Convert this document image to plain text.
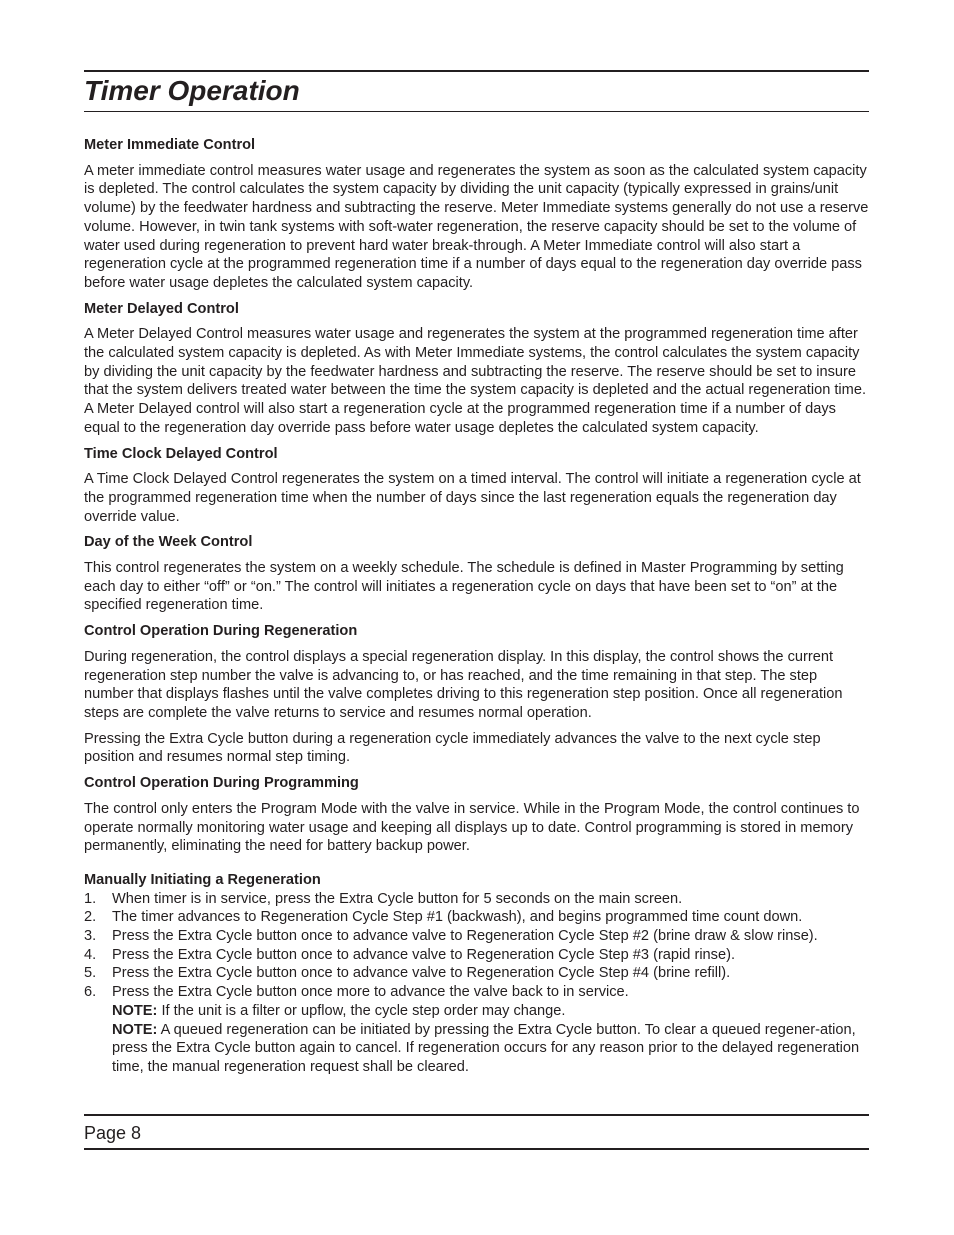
Timer Operation
Meter Immediate Control

A meter immediate control measures water usage and regenerates the system as soon as the calculated system capacity is depleted. The control calculates the system capacity by dividing the unit capacity (typically expressed in grains/unit volume) by the feedwater hardness and subtracting the reserve. Meter Immediate systems generally do not use a reserve volume. However, in twin tank systems with soft-water regeneration, the reserve capacity should be set to the volume of water used during regeneration to prevent hard water break-through. A Meter Immediate control will also start a regeneration cycle at the programmed regeneration time if a number of days equal to the regeneration day override pass before water usage depletes the calculated system capacity.

Meter Delayed Control

A Meter Delayed Control measures water usage and regenerates the system at the programmed regeneration time after the calculated system capacity is depleted. As with Meter Immediate systems, the control calculates the system capacity by dividing the unit capacity by the feedwater hardness and subtracting the reserve. The reserve should be set to insure that the system delivers treated water between the time the system capacity is depleted and the actual regeneration time. A Meter Delayed control will also start a regeneration cycle at the programmed regeneration time if a number of days equal to the regeneration day override pass before water usage depletes the calculated system capacity.

Time Clock Delayed Control

A Time Clock Delayed Control regenerates the system on a timed interval. The control will initiate a regeneration cycle at the programmed regeneration time when the number of days since the last regeneration equals the regeneration day override value.

Day of the Week Control

This control regenerates the system on a weekly schedule. The schedule is defined in Master Programming by setting each day to either “off” or “on.” The control will initiates a regeneration cycle on days that have been set to “on” at the specified regeneration time.

Control Operation During Regeneration

During regeneration, the control displays a special regeneration display. In this display, the control shows the current regeneration step number the valve is advancing to, or has reached, and the time remaining in that step. The step number that displays flashes until the valve completes driving to this regeneration step position. Once all regeneration steps are complete the valve returns to service and resumes normal operation.

Pressing the Extra Cycle button during a regeneration cycle immediately advances the valve to the next cycle step position and resumes normal step timing.

Control Operation During Programming

The control only enters the Program Mode with the valve in service. While in the Program Mode, the control continues to operate normally monitoring water usage and keeping all displays up to date. Control programming is stored in memory permanently, eliminating the need for battery backup power.

Manually Initiating a Regeneration
1. When timer is in service, press the Extra Cycle button for 5 seconds on the main screen.
2. The timer advances to Regeneration Cycle Step #1 (backwash), and begins programmed time count down.
3. Press the Extra Cycle button once to advance valve to Regeneration Cycle Step #2 (brine draw & slow rinse).
4. Press the Extra Cycle button once to advance valve to Regeneration Cycle Step #3 (rapid rinse).
5. Press the Extra Cycle button once to advance valve to Regeneration Cycle Step #4 (brine refill).
6. Press the Extra Cycle button once more to advance the valve back to in service.
NOTE: If the unit is a filter or upflow, the cycle step order may change.
NOTE: A queued regeneration can be initiated by pressing the Extra Cycle button. To clear a queued regener-ation, press the Extra Cycle button again to cancel. If regeneration occurs for any reason prior to the delayed regeneration time, the manual regeneration request shall be cleared.
Page 8
